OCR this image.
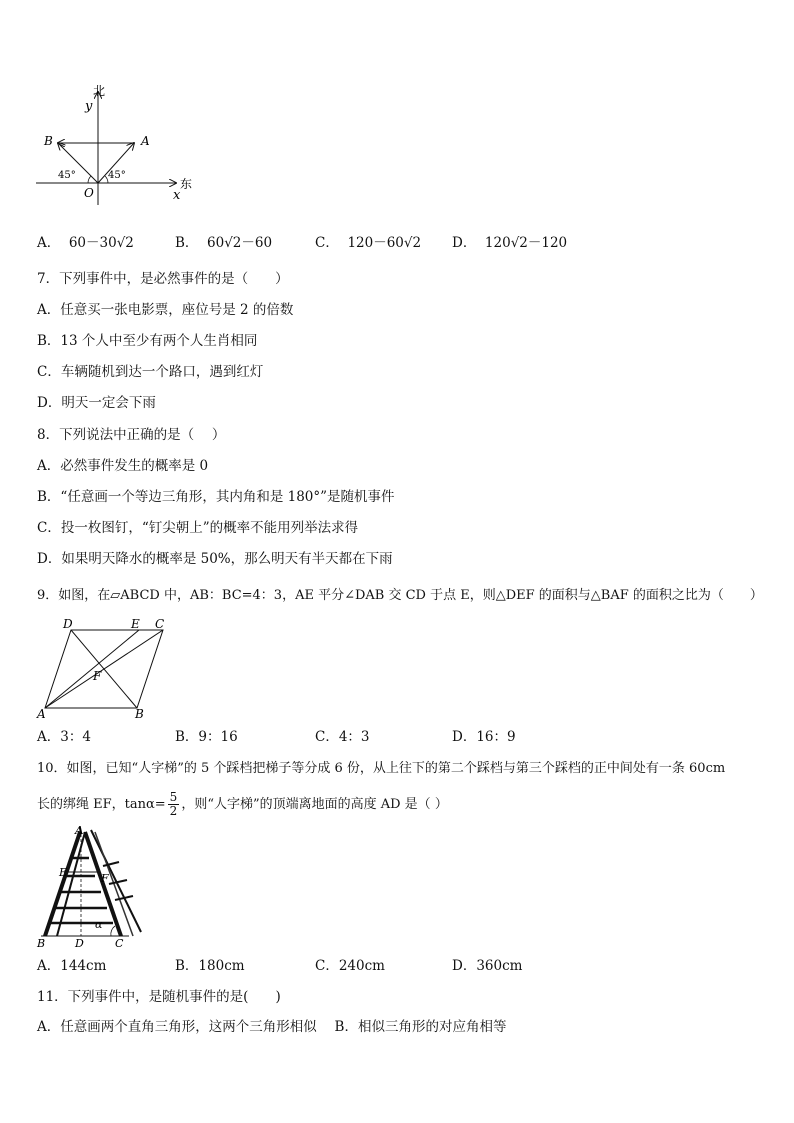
北
y
东
x
B	A
O
45°	45°
A． 60－30√2	B． 60√2－60	C． 120－60√2 D． 120√2－120
7．下列事件中，是必然事件的是（　　）
A．任意买一张电影票，座位号是 2 的倍数
B．13 个人中至少有两个人生肖相同
C．车辆随机到达一个路口，遇到红灯
D．明天一定会下雨
8．下列说法中正确的是（　 ）
A．必然事件发生的概率是 0
B．“任意画一个等边三角形，其内角和是 180°”是随机事件
C．投一枚图钉，“钉尖朝上”的概率不能用列举法求得
D．如果明天降水的概率是 50%，那么明天有半天都在下雨
9．如图，在▱ABCD 中，AB：BC=4：3，AE 平分∠DAB 交 CD 于点 E，则△DEF 的面积与△BAF 的面积之比为（　　）
D	E C
F
A	B
A．3：4	B．9：16	C．4：3	D．16：9
10．如图，已知“人字梯”的 5 个踩档把梯子等分成 6 份，从上往下的第二个踩档与第三个踩档的正中间处有一条 60cm
长的绑绳 EF，$\tan\alpha= \frac{5}{2}$ ，则“人字梯”的顶端离地面的高度 AD 是（ ）
A
E	F
α
B	D	C
A．144cm	B．180cm	C．240cm	D．360cm
11．下列事件中，是随机事件的是(　　)
A．任意画两个直角三角形，这两个三角形相似　 B．相似三角形的对应角相等
